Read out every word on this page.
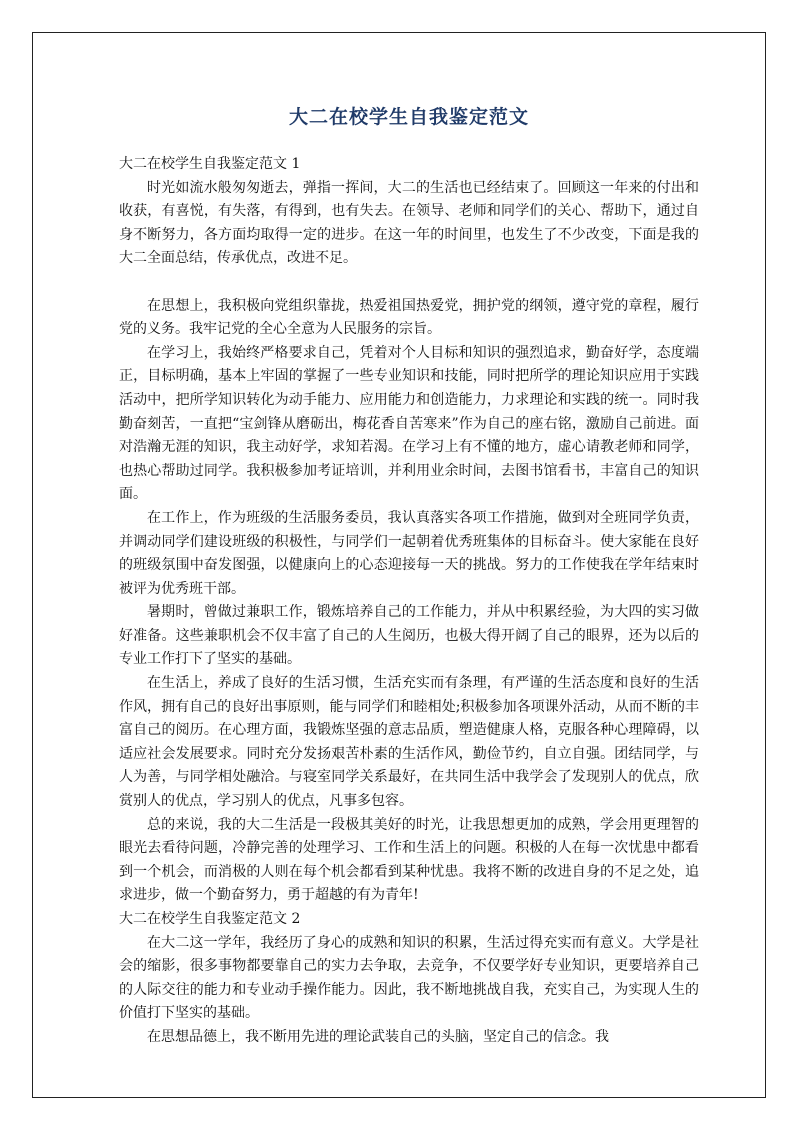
大二在校学生自我鉴定范文

大二在校学生自我鉴定范文 1

时光如流水般匆匆逝去，弹指一挥间，大二的生活也已经结束了。回顾这一年来的付出和收获，有喜悦，有失落，有得到，也有失去。在领导、老师和同学们的关心、帮助下，通过自身不断努力，各方面均取得一定的进步。在这一年的时间里，也发生了不少改变，下面是我的大二全面总结，传承优点，改进不足。

在思想上，我积极向党组织靠拢，热爱祖国热爱党，拥护党的纲领，遵守党的章程，履行党的义务。我牢记党的全心全意为人民服务的宗旨。

在学习上，我始终严格要求自己，凭着对个人目标和知识的强烈追求，勤奋好学，态度端正，目标明确，基本上牢固的掌握了一些专业知识和技能，同时把所学的理论知识应用于实践活动中，把所学知识转化为动手能力、应用能力和创造能力，力求理论和实践的统一。同时我勤奋刻苦，一直把“宝剑锋从磨砺出，梅花香自苦寒来”作为自己的座右铭，激励自己前进。面对浩瀚无涯的知识，我主动好学，求知若渴。在学习上有不懂的地方，虚心请教老师和同学，也热心帮助过同学。我积极参加考证培训，并利用业余时间，去图书馆看书，丰富自己的知识面。

在工作上，作为班级的生活服务委员，我认真落实各项工作措施，做到对全班同学负责，并调动同学们建设班级的积极性，与同学们一起朝着优秀班集体的目标奋斗。使大家能在良好的班级氛围中奋发图强，以健康向上的心态迎接每一天的挑战。努力的工作使我在学年结束时被评为优秀班干部。

暑期时，曾做过兼职工作，锻炼培养自己的工作能力，并从中积累经验，为大四的实习做好准备。这些兼职机会不仅丰富了自己的人生阅历，也极大得开阔了自己的眼界，还为以后的专业工作打下了坚实的基础。

在生活上，养成了良好的生活习惯，生活充实而有条理，有严谨的生活态度和良好的生活作风，拥有自己的良好出事原则，能与同学们和睦相处;积极参加各项课外活动，从而不断的丰富自己的阅历。在心理方面，我锻炼坚强的意志品质，塑造健康人格，克服各种心理障碍，以适应社会发展要求。同时充分发扬艰苦朴素的生活作风，勤俭节约，自立自强。团结同学，与人为善，与同学相处融洽。与寝室同学关系最好，在共同生活中我学会了发现别人的优点，欣赏别人的优点，学习别人的优点，凡事多包容。

总的来说，我的大二生活是一段极其美好的时光，让我思想更加的成熟，学会用更理智的眼光去看待问题，冷静完善的处理学习、工作和生活上的问题。积极的人在每一次忧患中都看到一个机会，而消极的人则在每个机会都看到某种忧患。我将不断的改进自身的不足之处，追求进步，做一个勤奋努力，勇于超越的有为青年!

大二在校学生自我鉴定范文 2

在大二这一学年，我经历了身心的成熟和知识的积累，生活过得充实而有意义。大学是社会的缩影，很多事物都要靠自己的实力去争取，去竞争，不仅要学好专业知识，更要培养自己的人际交往的能力和专业动手操作能力。因此，我不断地挑战自我，充实自己，为实现人生的价值打下坚实的基础。

在思想品德上，我不断用先进的理论武装自己的头脑，坚定自己的信念。我
